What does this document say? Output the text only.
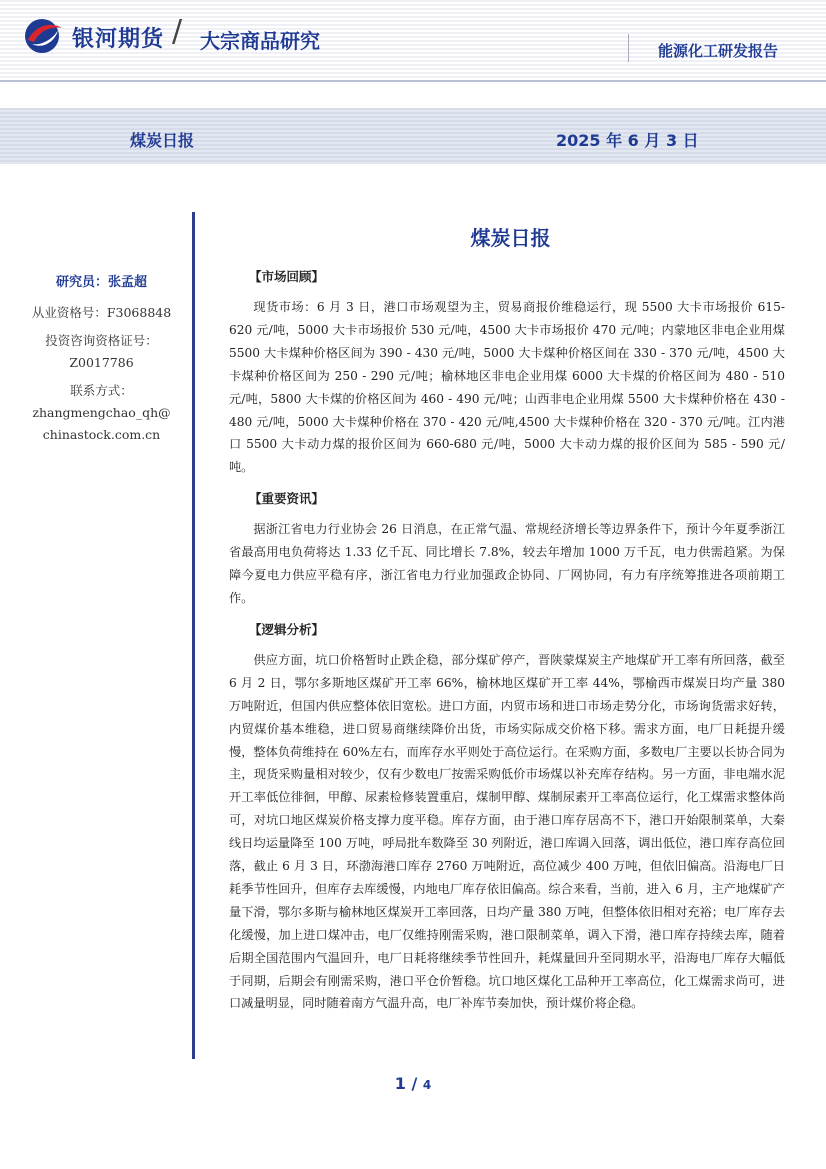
银河期货 / 大宗商品研究	能源化工研发报告
煤炭日报	2025 年 6 月 3 日
煤炭日报
研究员：张孟超
从业资格号：F3068848
投资咨询资格证号：
Z0017786
联系方式：
zhangmengchao_qh@
chinastock.com.cn
【市场回顾】

现货市场：6 月 3 日，港口市场观望为主，贸易商报价维稳运行，现 5500 大卡市场报价 615-620 元/吨，5000 大卡市场报价 530 元/吨，4500 大卡市场报价 470 元/吨；内蒙地区非电企业用煤 5500 大卡煤种价格区间为 390 - 430 元/吨，5000 大卡煤种价格区间在 330 - 370 元/吨，4500 大卡煤种价格区间为 250 - 290 元/吨；榆林地区非电企业用煤 6000 大卡煤的价格区间为 480 - 510 元/吨，5800 大卡煤的价格区间为 460 - 490 元/吨；山西非电企业用煤 5500 大卡煤种价格在 430 - 480 元/吨，5000 大卡煤种价格在 370 - 420 元/吨,4500 大卡煤种价格在 320 - 370 元/吨。江内港口 5500 大卡动力煤的报价区间为 660-680 元/吨，5000 大卡动力煤的报价区间为 585 - 590 元/吨。

【重要资讯】

据浙江省电力行业协会 26 日消息，在正常气温、常规经济增长等边界条件下，预计今年夏季浙江省最高用电负荷将达 1.33 亿千瓦、同比增长 7.8%，较去年增加 1000 万千瓦，电力供需趋紧。为保障今夏电力供应平稳有序，浙江省电力行业加强政企协同、厂网协同，有力有序统筹推进各项前期工作。

【逻辑分析】

供应方面，坑口价格暂时止跌企稳，部分煤矿停产，晋陕蒙煤炭主产地煤矿开工率有所回落，截至 6 月 2 日，鄂尔多斯地区煤矿开工率 66%，榆林地区煤矿开工率 44%，鄂榆西市煤炭日均产量 380 万吨附近，但国内供应整体依旧宽松。进口方面，内贸市场和进口市场走势分化，市场询货需求好转，内贸煤价基本维稳，进口贸易商继续降价出货，市场实际成交价格下移。需求方面，电厂日耗提升缓慢，整体负荷维持在 60%左右，而库存水平则处于高位运行。在采购方面，多数电厂主要以长协合同为主，现货采购量相对较少，仅有少数电厂按需采购低价市场煤以补充库存结构。另一方面，非电端水泥开工率低位徘徊，甲醇、尿素检修装置重启，煤制甲醇、煤制尿素开工率高位运行，化工煤需求整体尚可，对坑口地区煤炭价格支撑力度平稳。库存方面，由于港口库存居高不下，港口开始限制菜单，大秦线日均运量降至 100 万吨，呼局批车数降至 30 列附近，港口库调入回落，调出低位，港口库存高位回落，截止 6 月 3 日，环渤海港口库存 2760 万吨附近，高位减少 400 万吨，但依旧偏高。沿海电厂日耗季节性回升，但库存去库缓慢，内地电厂库存依旧偏高。综合来看，当前，进入 6 月，主产地煤矿产量下滑，鄂尔多斯与榆林地区煤炭开工率回落，日均产量 380 万吨，但整体依旧相对充裕；电厂库存去化缓慢，加上进口煤冲击，电厂仅维持刚需采购，港口限制菜单，调入下滑，港口库存持续去库，随着后期全国范围内气温回升，电厂日耗将继续季节性回升，耗煤量回升至同期水平，沿海电厂库存大幅低于同期，后期会有刚需采购，港口平仓价暂稳。坑口地区煤化工品种开工率高位，化工煤需求尚可，进口减量明显，同时随着南方气温升高，电厂补库节奏加快，预计煤价将企稳。

1 / 4
